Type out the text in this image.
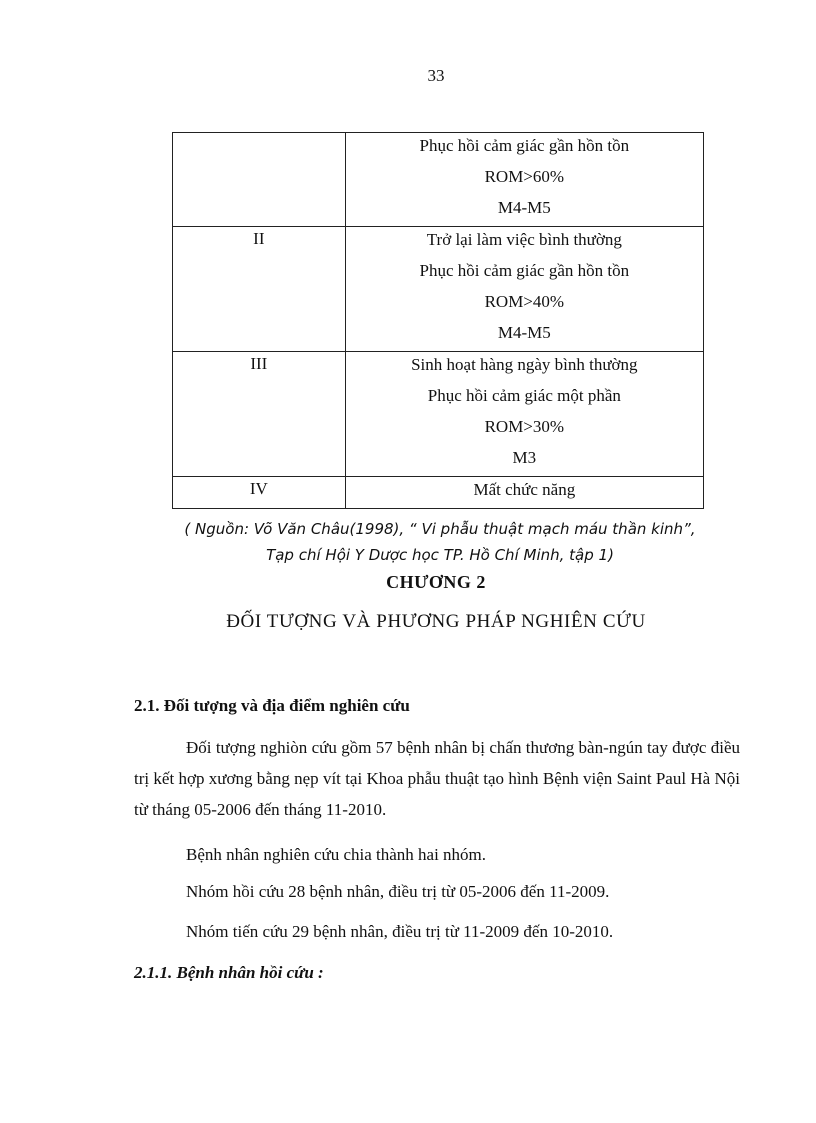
33

	Phục hồi cảm giác gần hồn tồn
ROM>60%
M4-M5

II	Trở lại làm việc bình thường
Phục hồi cảm giác gần hồn tồn
ROM>40%
M4-M5

III	Sinh hoạt hàng ngày bình thường
Phục hồi cảm giác một phần
ROM>30%
M3

IV	Mất chức năng
( Nguồn: Võ Văn Châu(1998), “ Vi phẫu thuật mạch máu thần kinh”,
Tạp chí Hội Y Dược học TP. Hồ Chí Minh, tập 1)
CHƯƠNG 2
ĐỐI TƯỢNG VÀ PHƯƠNG PHÁP NGHIÊN CỨU
2.1. Đối tượng và địa điểm nghiên cứu
Đối tượng nghiòn cứu gồm 57 bệnh nhân bị chấn thương bàn-ngún tay được điều trị kết hợp xương bằng nẹp vít tại Khoa phẫu thuật tạo hình Bệnh viện Saint Paul Hà Nội từ tháng 05-2006 đến tháng 11-2010.
Bệnh nhân nghiên cứu chia thành hai nhóm.
Nhóm hồi cứu 28 bệnh nhân, điều trị từ 05-2006 đến 11-2009.
Nhóm tiến cứu 29 bệnh nhân, điều trị từ 11-2009 đến 10-2010.
2.1.1. Bệnh nhân hồi cứu :
